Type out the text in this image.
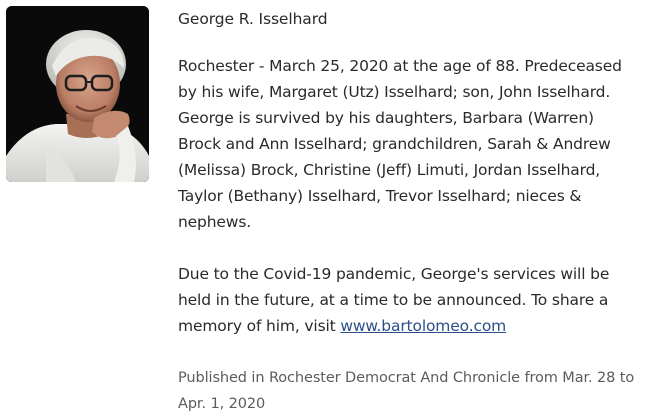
George R. Isselhard

Rochester - March 25, 2020 at the age of 88. Predeceased by his wife, Margaret (Utz) Isselhard; son, John Isselhard. George is survived by his daughters, Barbara (Warren) Brock and Ann Isselhard; grandchildren, Sarah & Andrew (Melissa) Brock, Christine (Jeff) Limuti, Jordan Isselhard, Taylor (Bethany) Isselhard, Trevor Isselhard; nieces & nephews.

Due to the Covid-19 pandemic, George's services will be held in the future, at a time to be announced. To share a memory of him, visit www.bartolomeo.com

Published in Rochester Democrat And Chronicle from Mar. 28 to Apr. 1, 2020
